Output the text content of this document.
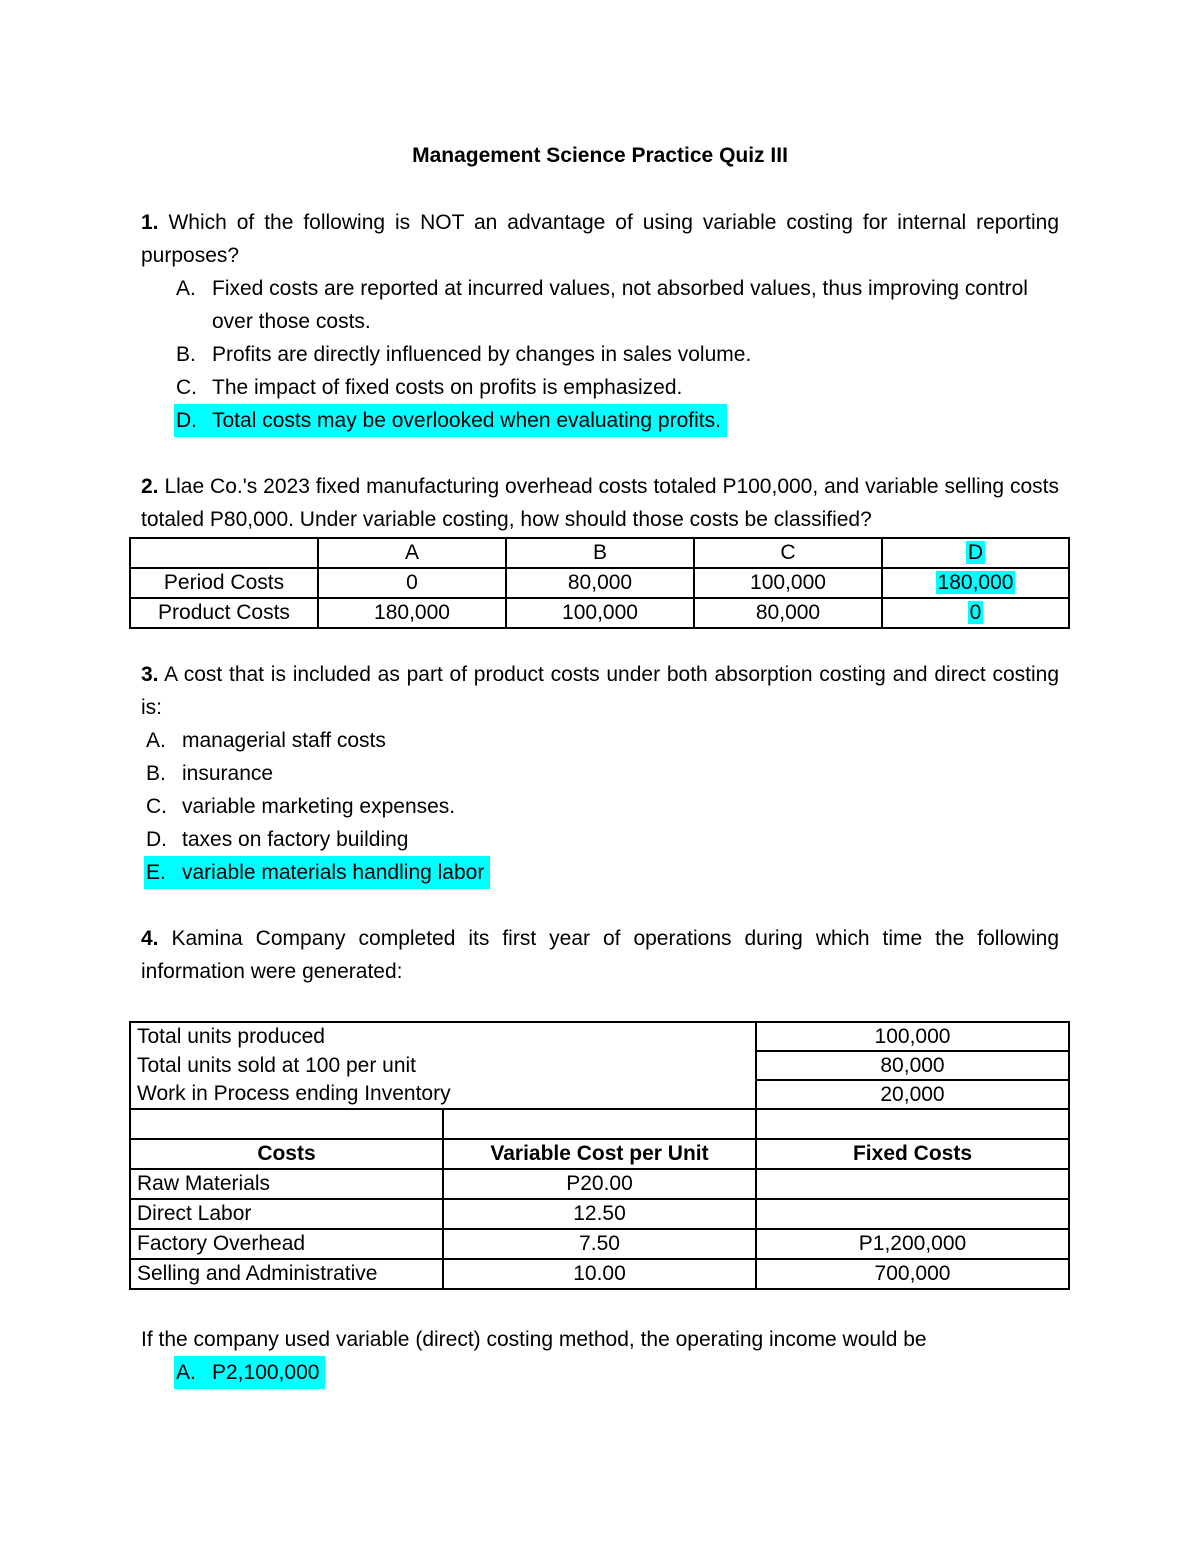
Management Science Practice Quiz III
1. Which of the following is NOT an advantage of using variable costing for internal reporting purposes?
A. Fixed costs are reported at incurred values, not absorbed values, thus improving control
over those costs.
B. Profits are directly influenced by changes in sales volume.
C. The impact of fixed costs on profits is emphasized.
D. Total costs may be overlooked when evaluating profits.
2. Llae Co.'s 2023 fixed manufacturing overhead costs totaled P100,000, and variable selling costs totaled P80,000. Under variable costing, how should those costs be classified?
	A	B	C	D
Period Costs	0	80,000	100,000	180,000
Product Costs	180,000	100,000	80,000	0
3. A cost that is included as part of product costs under both absorption costing and direct costing is:
A. managerial staff costs
B. insurance
C. variable marketing expenses.
D. taxes on factory building
E. variable materials handling labor
4. Kamina Company completed its first year of operations during which time the following information were generated:
Total units produced		100,000
Total units sold at 100 per unit		80,000
Work in Process ending Inventory		20,000

Costs	Variable Cost per Unit	Fixed Costs
Raw Materials	P20.00	
Direct Labor	12.50	
Factory Overhead	7.50	P1,200,000
Selling and Administrative	10.00	700,000
If the company used variable (direct) costing method, the operating income would be
A. P2,100,000
